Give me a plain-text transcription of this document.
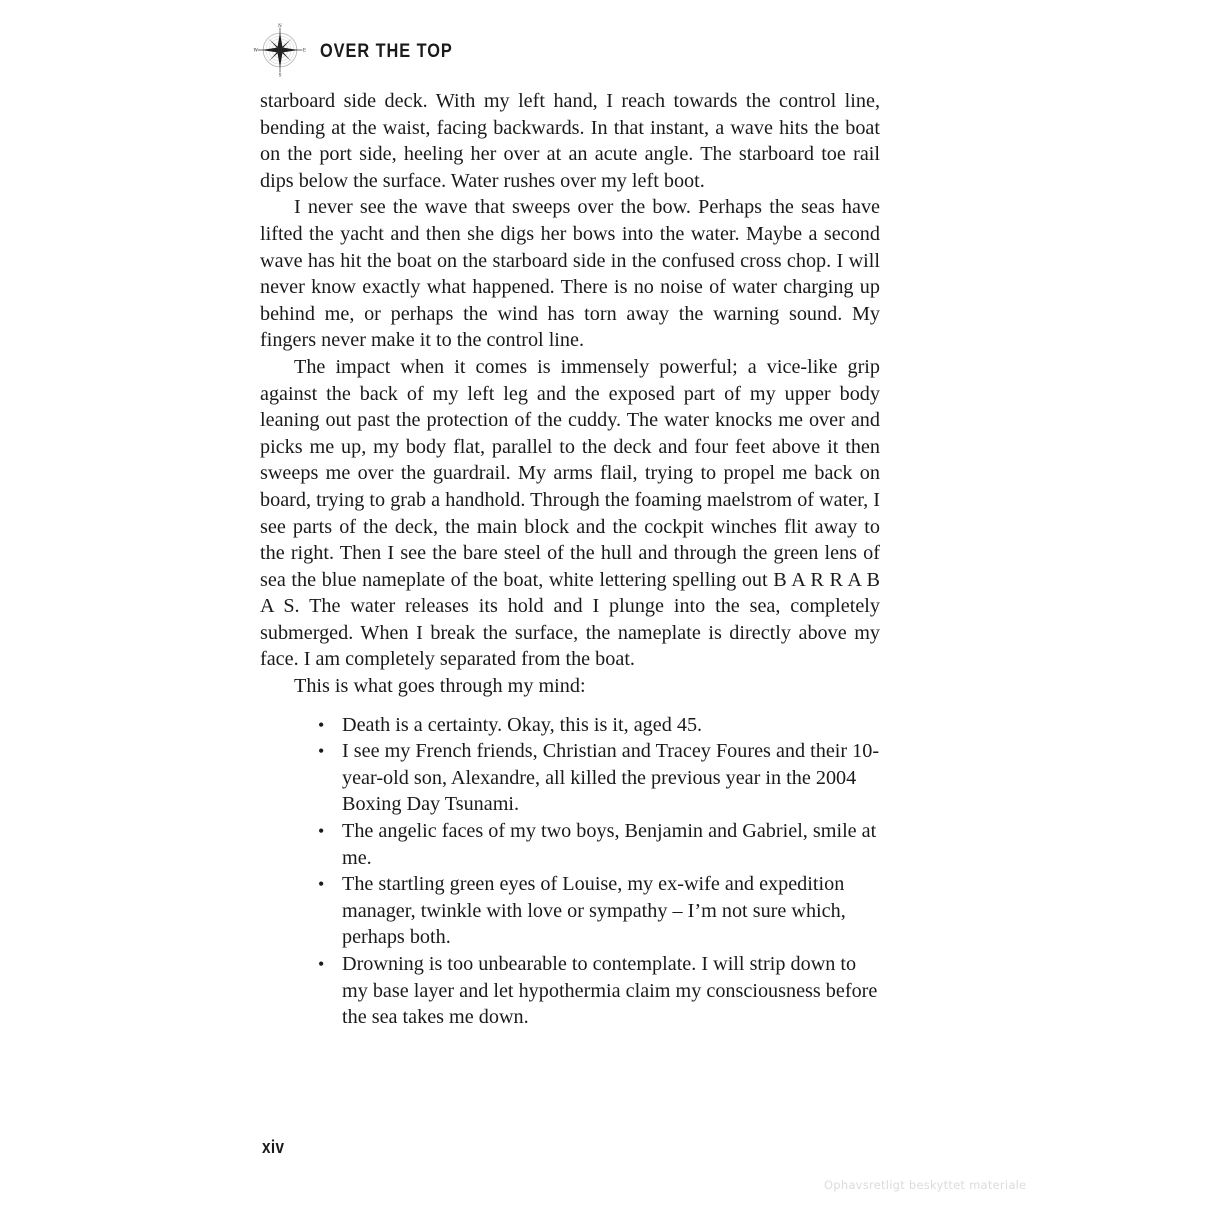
N
E
S
W	OVER THE TOP

starboard side deck. With my left hand, I reach towards the control line, bending at the waist, facing backwards. In that instant, a wave hits the boat on the port side, heeling her over at an acute angle. The starboard toe rail dips below the surface. Water rushes over my left boot.

I never see the wave that sweeps over the bow. Perhaps the seas have lifted the yacht and then she digs her bows into the water. Maybe a second wave has hit the boat on the starboard side in the confused cross chop. I will never know exactly what happened. There is no noise of water charging up behind me, or perhaps the wind has torn away the warning sound. My fingers never make it to the control line.

The impact when it comes is immensely powerful; a vice-like grip against the back of my left leg and the exposed part of my upper body leaning out past the protection of the cuddy. The water knocks me over and picks me up, my body flat, parallel to the deck and four feet above it then sweeps me over the guardrail. My arms flail, trying to propel me back on board, trying to grab a handhold. Through the foaming maelstrom of water, I see parts of the deck, the main block and the cockpit winches flit away to the right. Then I see the bare steel of the hull and through the green lens of sea the blue nameplate of the boat, white lettering spelling out B A R R A B A S. The water releases its hold and I plunge into the sea, completely submerged. When I break the surface, the nameplate is directly above my face. I am completely separated from the boat.

This is what goes through my mind:

• Death is a certainty. Okay, this is it, aged 45.
• I see my French friends, Christian and Tracey Foures and their 10-year-old son, Alexandre, all killed the previous year in the 2004 Boxing Day Tsunami.
• The angelic faces of my two boys, Benjamin and Gabriel, smile at me.
• The startling green eyes of Louise, my ex-wife and expedition manager, twinkle with love or sympathy – I’m not sure which, perhaps both.
• Drowning is too unbearable to contemplate. I will strip down to my base layer and let hypothermia claim my consciousness before the sea takes me down.
xiv
Ophavsretligt beskyttet materiale
